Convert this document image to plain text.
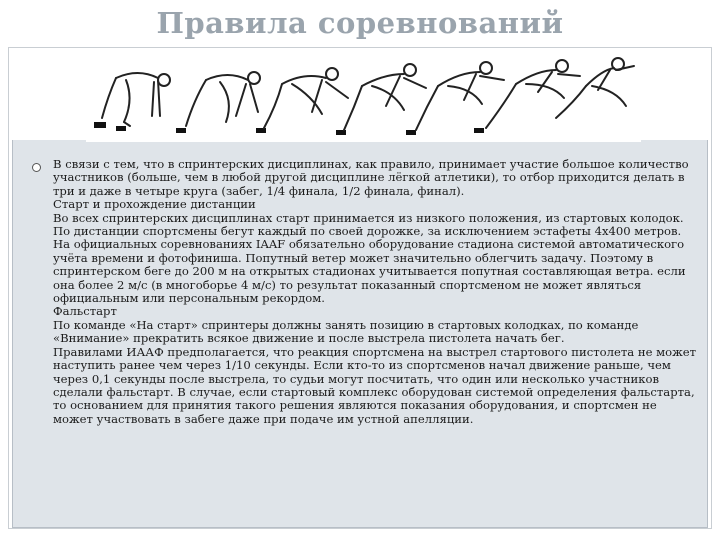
Правила соревнований

В связи с тем, что в спринтерских дисциплинах, как правило, принимает участие большое количество участников (больше, чем в любой другой дисциплине лёгкой атлетики), то отбор приходится делать в три и даже в четыре круга (забег, 1/4 финала, 1/2 финала, финал).

Старт и прохождение дистанции

Во всех спринтерских дисциплинах старт принимается из низкого положения, из стартовых колодок. По дистанции спортсмены бегут каждый по своей дорожке, за исключением эстафеты 4х400 метров. На официальных соревнованиях IAAF обязательно оборудование стадиона системой автоматического учёта времени и фотофиниша. Попутный ветер может значительно облегчить задачу. Поэтому в спринтерском беге до 200 м на открытых стадионах учитывается попутная составляющая ветра. если она более 2 м/с (в многоборье 4 м/с) то результат показанный спортсменом не может являться официальным или персональным рекордом.

Фальстарт

По команде «На старт» спринтеры должны занять позицию в стартовых колодках, по команде «Внимание» прекратить всякое движение и после выстрела пистолета начать бег.

Правилами ИААФ предполагается, что реакция спортсмена на выстрел стартового пистолета не может наступить ранее чем через 1/10 секунды. Если кто-то из спортсменов начал движение раньше, чем через 0,1 секунды после выстрела, то судьи могут посчитать, что один или несколько участников сделали фальстарт. В случае, если стартовый комплекс оборудован системой определения фальстарта, то основанием для принятия такого решения являются показания оборудования, и спортсмен не может участвовать в забеге даже при подаче им устной апелляции.
